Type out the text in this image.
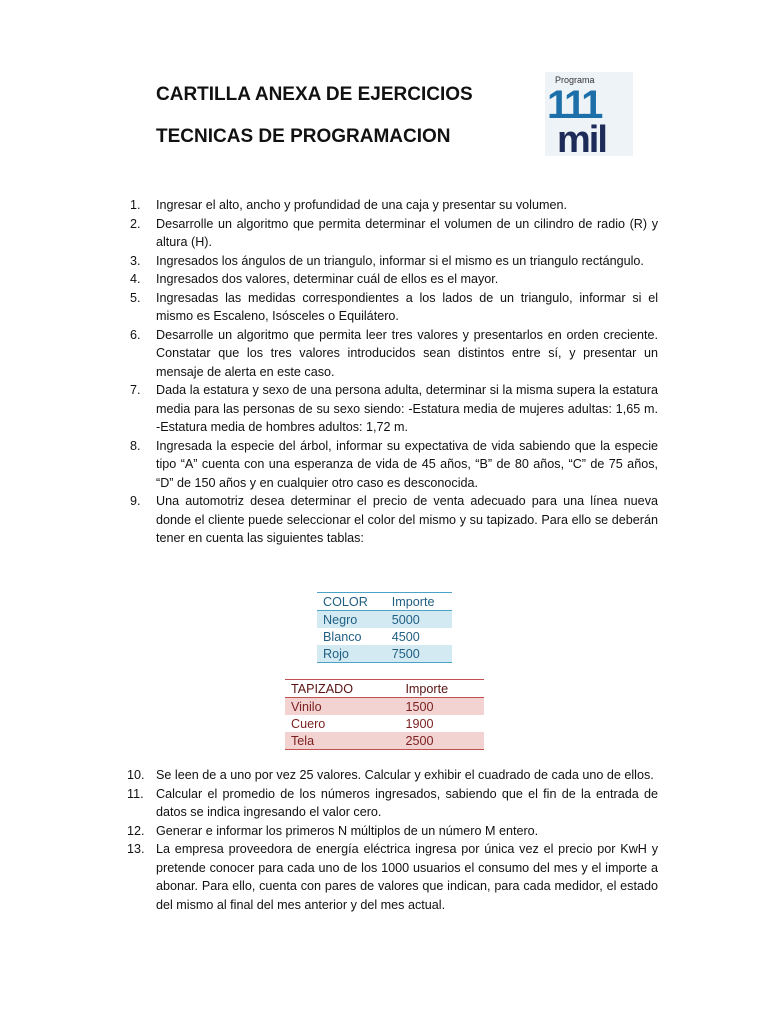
CARTILLA ANEXA DE EJERCICIOS

TECNICAS DE PROGRAMACION

Programa
111
mil
1. Ingresar el alto, ancho y profundidad de una caja y presentar su volumen.
2. Desarrolle un algoritmo que permita determinar el volumen de un cilindro de radio (R) y altura (H).
3. Ingresados los ángulos de un triangulo, informar si el mismo es un triangulo rectángulo.
4. Ingresados dos valores, determinar cuál de ellos es el mayor.
5. Ingresadas las medidas correspondientes a los lados de un triangulo, informar si el mismo es Escaleno, Isósceles o Equilátero.
6. Desarrolle un algoritmo que permita leer tres valores y presentarlos en orden creciente. Constatar que los tres valores introducidos sean distintos entre sí, y presentar un mensaje de alerta en este caso.
7. Dada la estatura y sexo de una persona adulta, determinar si la misma supera la estatura media para las personas de su sexo siendo: -Estatura media de mujeres adultas: 1,65 m. -Estatura media de hombres adultos: 1,72 m.
8. Ingresada la especie del árbol, informar su expectativa de vida sabiendo que la especie tipo “A” cuenta con una esperanza de vida de 45 años, “B” de 80 años, “C” de 75 años, “D” de 150 años y en cualquier otro caso es desconocida.
9. Una automotriz desea determinar el precio de venta adecuado para una línea nueva donde el cliente puede seleccionar el color del mismo y su tapizado. Para ello se deberán tener en cuenta las siguientes tablas:
COLOR	Importe
Negro	5000
Blanco	4500
Rojo	7500
TAPIZADO	Importe
Vinilo	1500
Cuero	1900
Tela	2500
10. Se leen de a uno por vez 25 valores. Calcular y exhibir el cuadrado de cada uno de ellos.
11. Calcular el promedio de los números ingresados, sabiendo que el fin de la entrada de datos se indica ingresando el valor cero.
12. Generar e informar los primeros N múltiplos de un número M entero.
13. La empresa proveedora de energía eléctrica ingresa por única vez el precio por KwH y pretende conocer para cada uno de los 1000 usuarios el consumo del mes y el importe a abonar. Para ello, cuenta con pares de valores que indican, para cada medidor, el estado del mismo al final del mes anterior y del mes actual.
